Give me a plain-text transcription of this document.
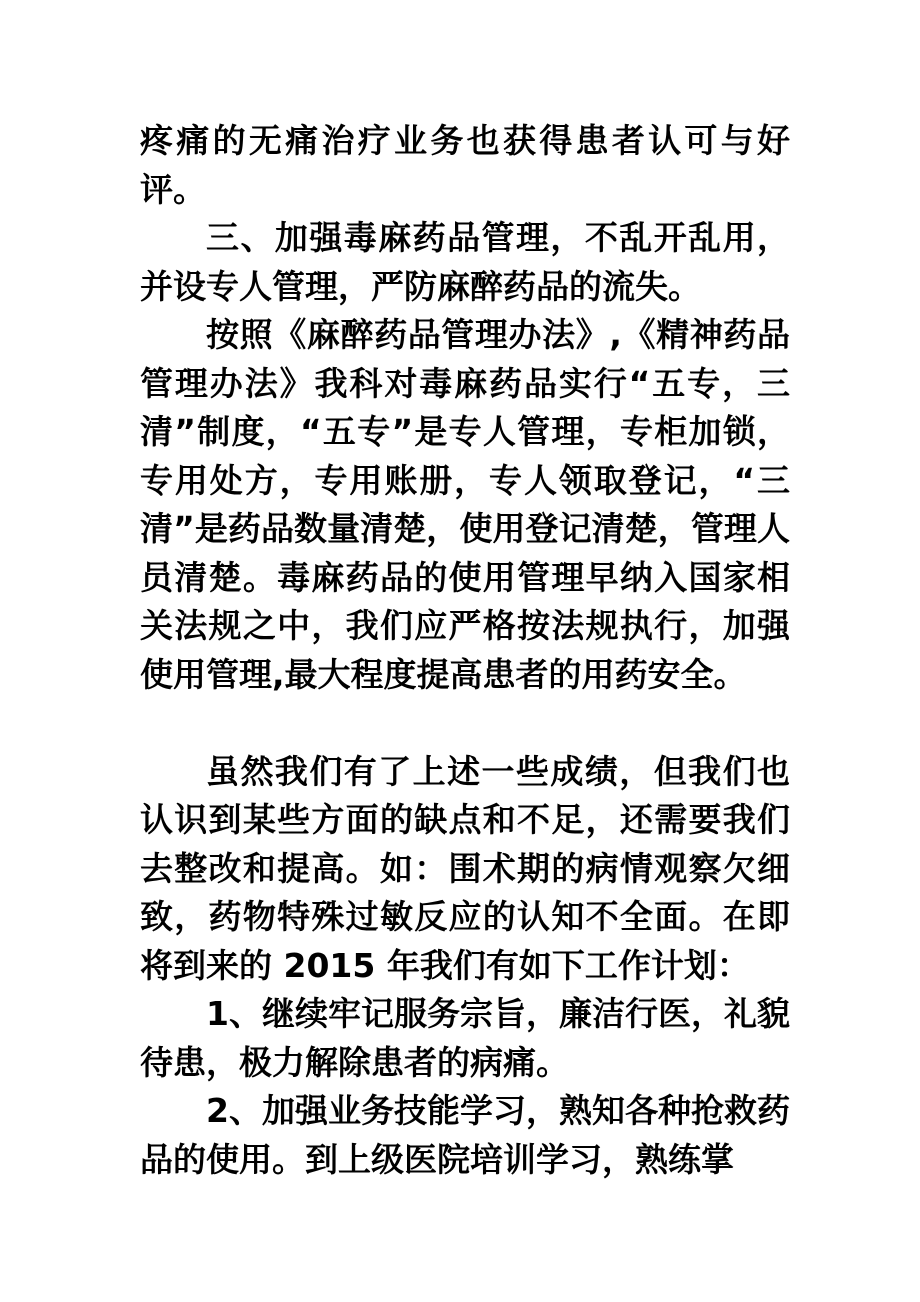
疼痛的无痛治疗业务也获得患者认可与好评。

三、加强毒麻药品管理，不乱开乱用，并设专人管理，严防麻醉药品的流失。

按照《麻醉药品管理办法》,《精神药品管理办法》我科对毒麻药品实行“五专，三清”制度，“五专”是专人管理，专柜加锁，专用处方，专用账册，专人领取登记，“三清”是药品数量清楚，使用登记清楚，管理人员清楚。毒麻药品的使用管理早纳入国家相关法规之中，我们应严格按法规执行，加强使用管理,最大程度提高患者的用药安全。

虽然我们有了上述一些成绩，但我们也认识到某些方面的缺点和不足，还需要我们去整改和提高。如：围术期的病情观察欠细致，药物特殊过敏反应的认知不全面。在即将到来的 2015 年我们有如下工作计划：

1、继续牢记服务宗旨，廉洁行医，礼貌待患，极力解除患者的病痛。

2、加强业务技能学习，熟知各种抢救药品的使用。到上级医院培训学习，熟练掌
